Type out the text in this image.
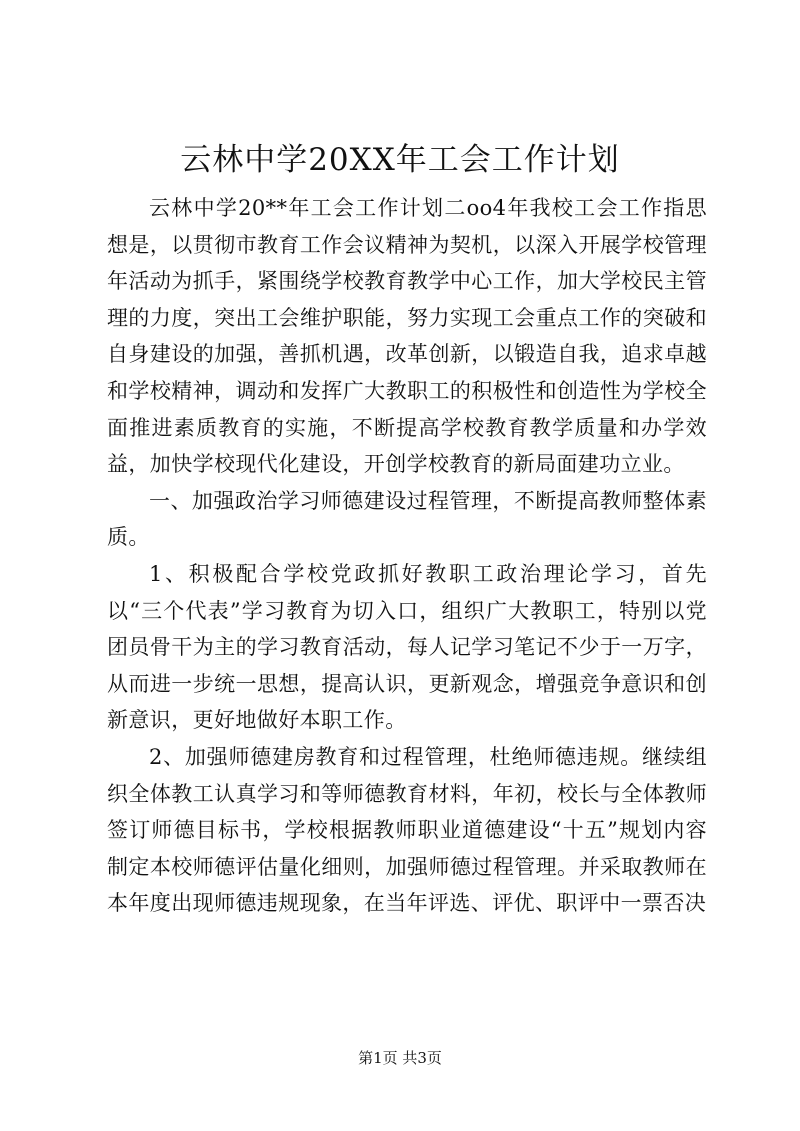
云林中学20XX年工会工作计划

云林中学20**年工会工作计划二oo4年我校工会工作指思想是，以贯彻市教育工作会议精神为契机，以深入开展学校管理年活动为抓手，紧围绕学校教育教学中心工作，加大学校民主管理的力度，突出工会维护职能，努力实现工会重点工作的突破和自身建设的加强，善抓机遇，改革创新，以锻造自我，追求卓越和学校精神，调动和发挥广大教职工的积极性和创造性为学校全面推进素质教育的实施，不断提高学校教育教学质量和办学效益，加快学校现代化建设，开创学校教育的新局面建功立业。

一、加强政治学习师德建设过程管理，不断提高教师整体素质。

1、积极配合学校党政抓好教职工政治理论学习，首先以“三个代表”学习教育为切入口，组织广大教职工，特别以党团员骨干为主的学习教育活动，每人记学习笔记不少于一万字，从而进一步统一思想，提高认识，更新观念，增强竞争意识和创新意识，更好地做好本职工作。

2、加强师德建房教育和过程管理，杜绝师德违规。继续组织全体教工认真学习和等师德教育材料，年初，校长与全体教师签订师德目标书，学校根据教师职业道德建设“十五”规划内容制定本校师德评估量化细则，加强师德过程管理。并采取教师在本年度出现师德违规现象，在当年评选、评优、职评中一票否决

第1页 共3页
